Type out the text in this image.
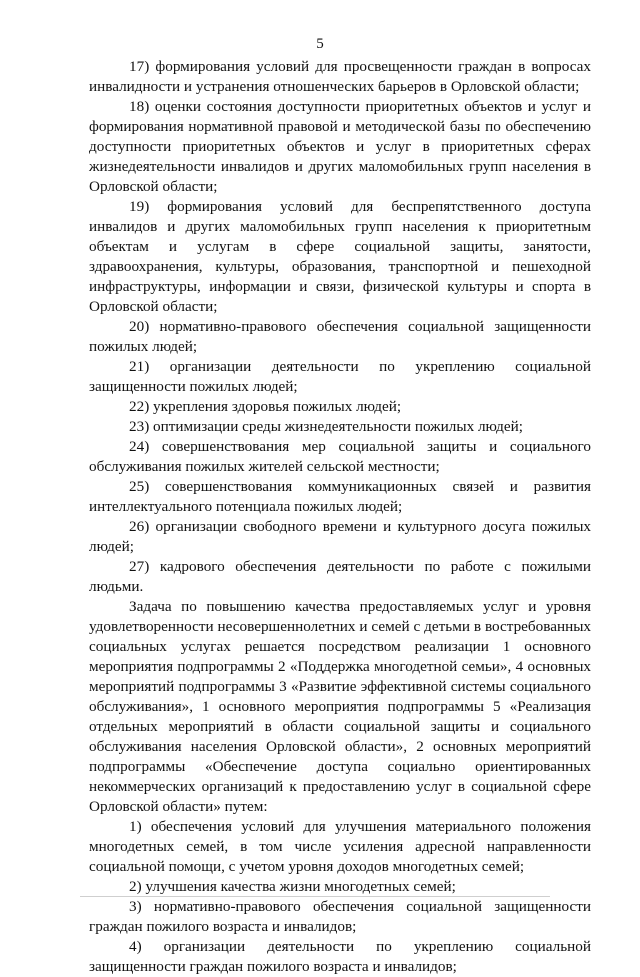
5

17) формирования условий для просвещенности граждан в вопросах инвалидности и устранения отношенческих барьеров в Орловской области;

18) оценки состояния доступности приоритетных объектов и услуг и формирования нормативной правовой и методической базы по обеспечению доступности приоритетных объектов и услуг в приоритетных сферах жизнедеятельности инвалидов и других маломобильных групп населения в Орловской области;

19) формирования условий для беспрепятственного доступа инвалидов и других маломобильных групп населения к приоритетным объектам и услугам в сфере социальной защиты, занятости, здравоохранения, культуры, образования, транспортной и пешеходной инфраструктуры, информации и связи, физической культуры и спорта в Орловской области;

20) нормативно-правового обеспечения социальной защищенности пожилых людей;

21) организации деятельности по укреплению социальной защищенности пожилых людей;

22) укрепления здоровья пожилых людей;

23) оптимизации среды жизнедеятельности пожилых людей;

24) совершенствования мер социальной защиты и социального обслуживания пожилых жителей сельской местности;

25) совершенствования коммуникационных связей и развития интеллектуального потенциала пожилых людей;

26) организации свободного времени и культурного досуга пожилых людей;

27) кадрового обеспечения деятельности по работе с пожилыми людьми.

Задача по повышению качества предоставляемых услуг и уровня удовлетворенности несовершеннолетних и семей с детьми в востребованных социальных услугах решается посредством реализации 1 основного мероприятия подпрограммы 2 «Поддержка многодетной семьи», 4 основных мероприятий подпрограммы 3 «Развитие эффективной системы социального обслуживания», 1 основного мероприятия подпрограммы 5 «Реализация отдельных мероприятий в области социальной защиты и социального обслуживания населения Орловской области», 2 основных мероприятий подпрограммы «Обеспечение доступа социально ориентированных некоммерческих организаций к предоставлению услуг в социальной сфере Орловской области» путем:

1) обеспечения условий для улучшения материального положения многодетных семей, в том числе усиления адресной направленности социальной помощи, с учетом уровня доходов многодетных семей;

2) улучшения качества жизни многодетных семей;

3) нормативно-правового обеспечения социальной защищенности граждан пожилого возраста и инвалидов;

4) организации деятельности по укреплению социальной защищенности граждан пожилого возраста и инвалидов;
